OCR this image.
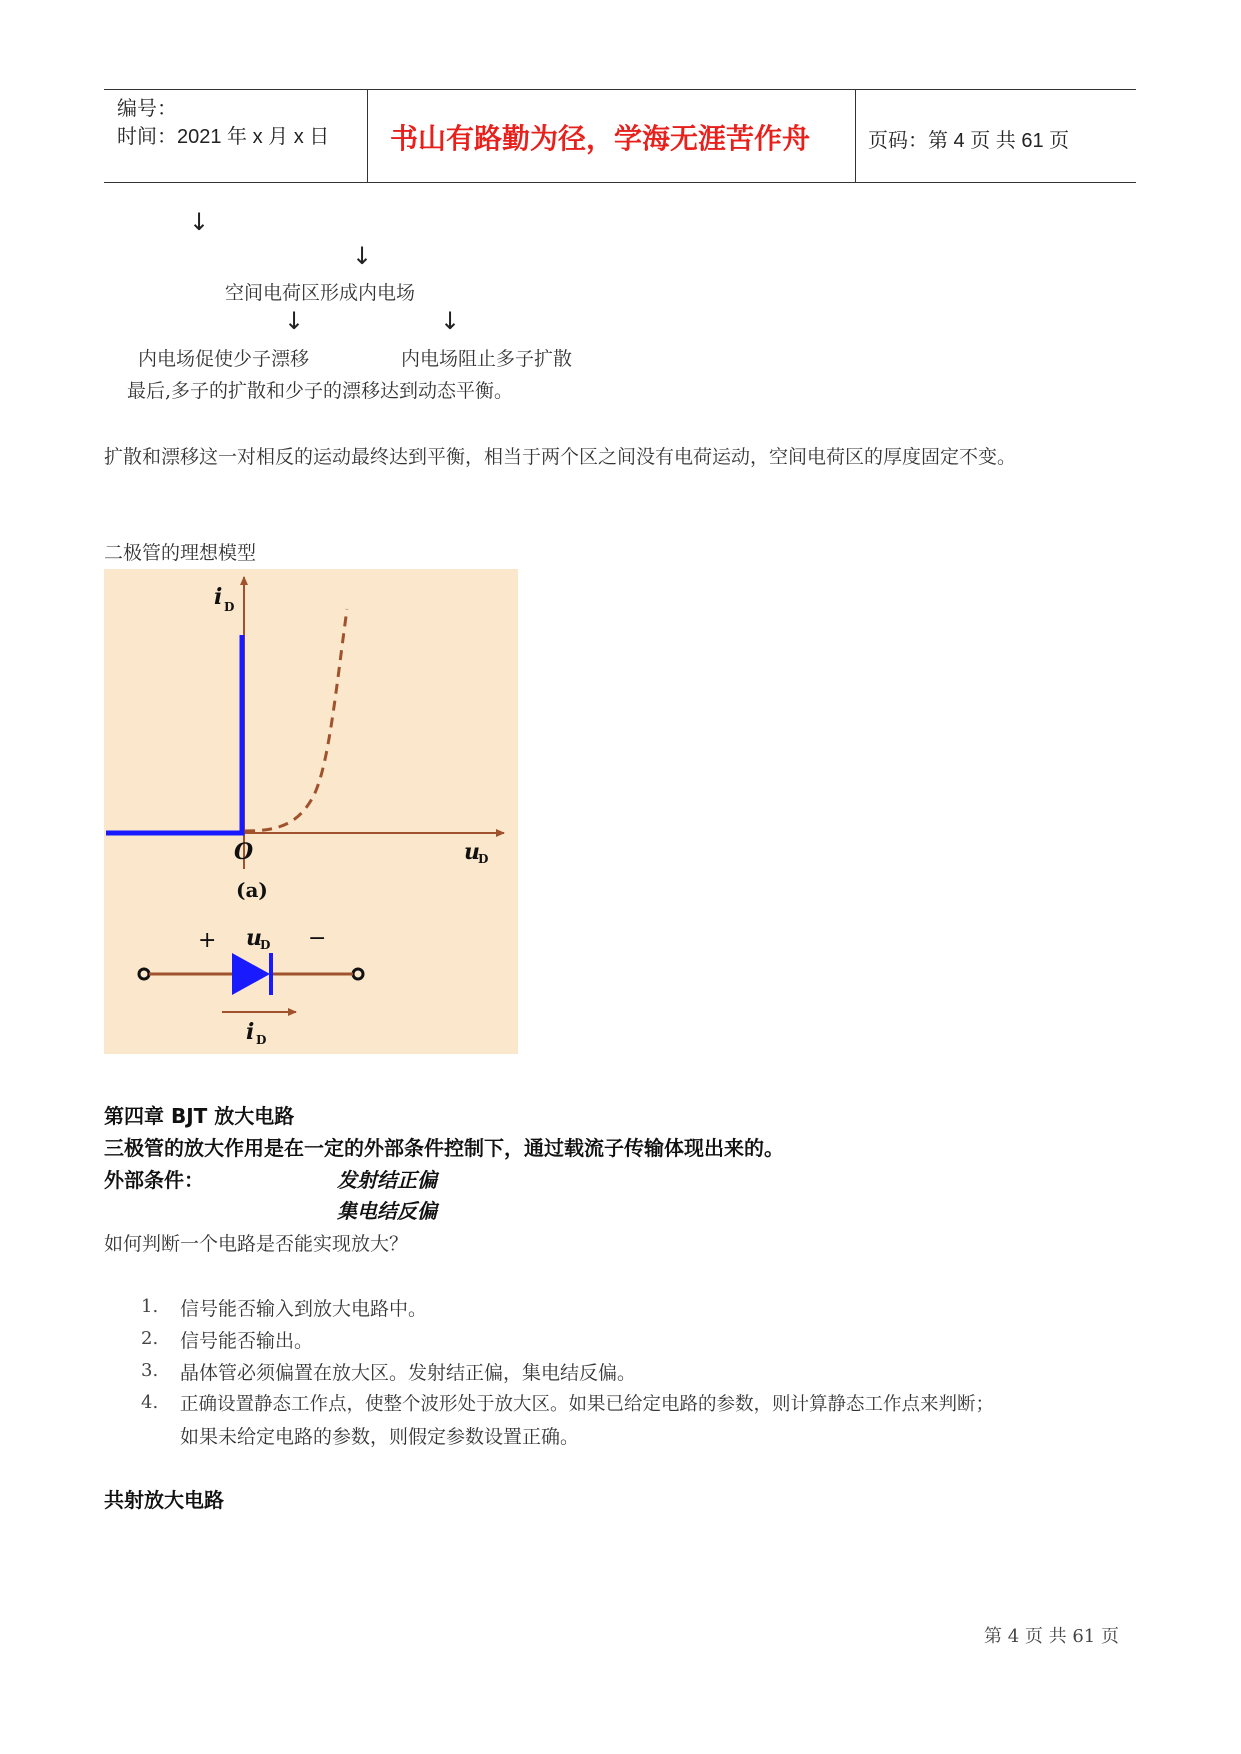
编号：
时间：2021 年 x 月 x 日 书山有路勤为径，学海无涯苦作舟	页码：第 4 页 共 61 页
↓
↓
空间电荷区形成内电场
↓	↓
内电场促使少子漂移	内电场阻止多子扩散
最后,多子的扩散和少子的漂移达到动态平衡。
扩散和漂移这一对相反的运动最终达到平衡，相当于两个区之间没有电荷运动，空间电荷区的厚度固定不变。
二极管的理想模型
i D
O	u
D
(a)
+ u
D −
i D
第四章 BJT 放大电路
三极管的放大作用是在一定的外部条件控制下，通过载流子传输体现出来的。
外部条件：	发射结正偏
集电结反偏
如何判断一个电路是否能实现放大？
1. 信号能否输入到放大电路中。
2. 信号能否输出。
3. 晶体管必须偏置在放大区。发射结正偏，集电结反偏。
4. 正确设置静态工作点，使整个波形处于放大区。如果已给定电路的参数，则计算静态工作点来判断；
如果未给定电路的参数，则假定参数设置正确。
共射放大电路
第 4 页 共 61 页
